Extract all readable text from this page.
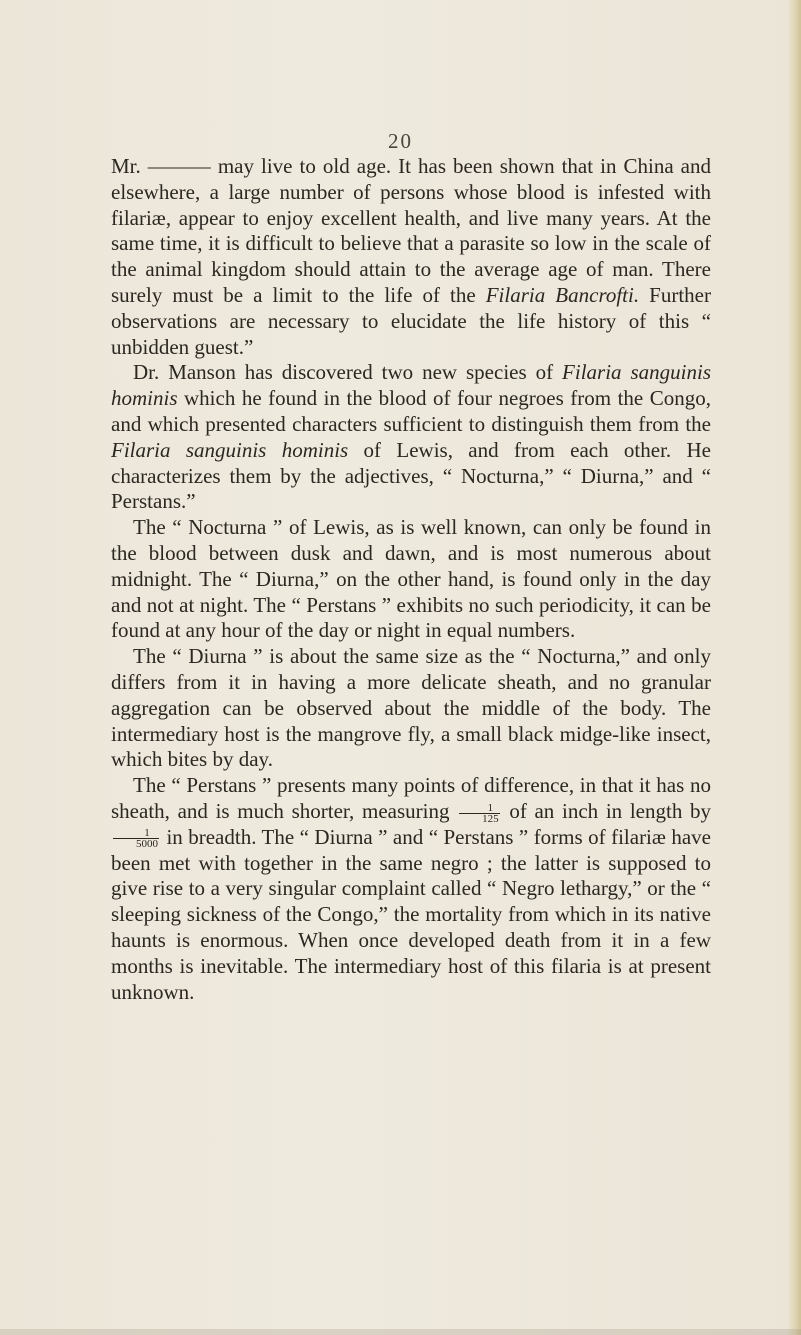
20

Mr. ——— may live to old age. It has been shown that in China and elsewhere, a large number of persons whose blood is infested with filariæ, appear to enjoy excellent health, and live many years. At the same time, it is difficult to believe that a parasite so low in the scale of the animal kingdom should attain to the average age of man. There surely must be a limit to the life of the Filaria Bancrofti. Further observations are necessary to elucidate the life history of this “ unbidden guest.”

Dr. Manson has discovered two new species of Filaria sanguinis hominis which he found in the blood of four negroes from the Congo, and which presented characters sufficient to distinguish them from the Filaria sanguinis hominis of Lewis, and from each other. He characterizes them by the adjectives, “ Nocturna,” “ Diurna,” and “ Perstans.”

The “ Nocturna ” of Lewis, as is well known, can only be found in the blood between dusk and dawn, and is most numerous about midnight. The “ Diurna,” on the other hand, is found only in the day and not at night. The “ Perstans ” exhibits no such periodicity, it can be found at any hour of the day or night in equal numbers.

The “ Diurna ” is about the same size as the “ Nocturna,” and only differs from it in having a more delicate sheath, and no granular aggregation can be observed about the middle of the body. The intermediary host is the mangrove fly, a small black midge-like insect, which bites by day.

The “ Perstans ” presents many points of difference, in that it has no sheath, and is much shorter, measuring $\frac{1}{125}$ of an inch in length by
$\frac{1}{5000}$ in breadth. The “ Diurna ” and “ Perstans ” forms of filariæ have been met with together in the same negro ; the latter is supposed to give rise to a very singular complaint called “ Negro lethargy,” or the “ sleeping sickness of the Congo,” the mortality from which in its native haunts is enormous. When once developed death from it in a few months is inevitable. The intermediary host of this filaria is at present unknown.
